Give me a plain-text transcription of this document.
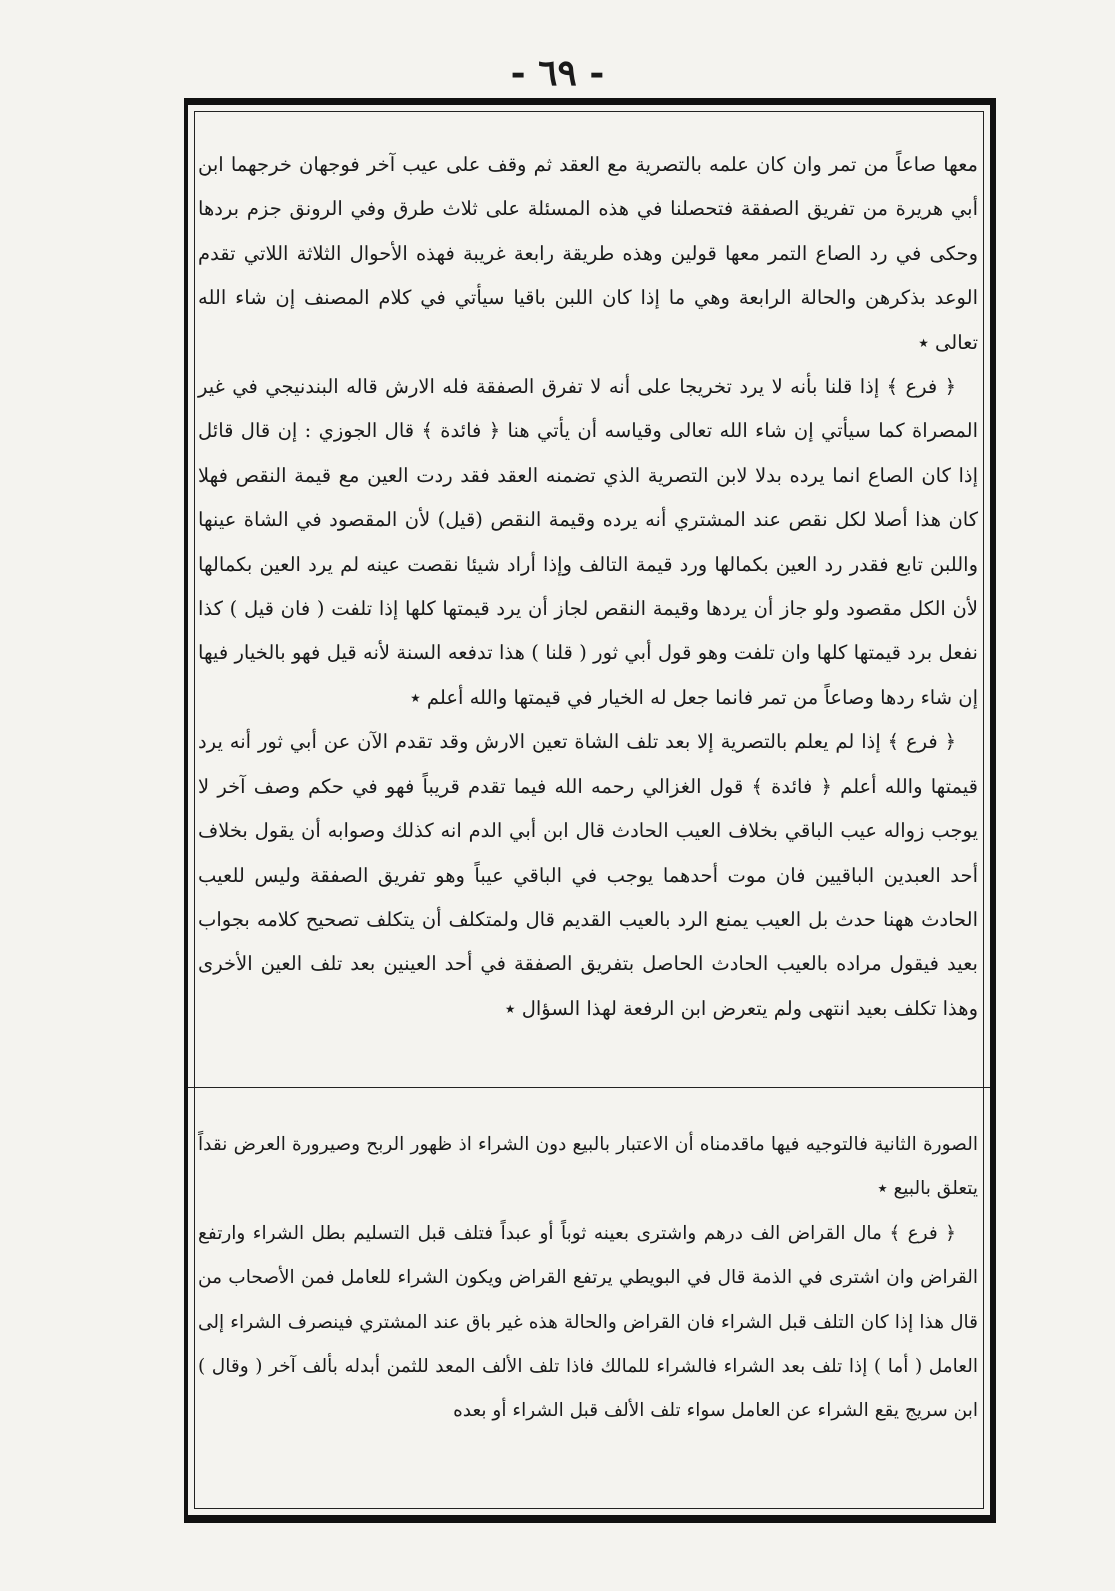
- ٦٩ -

معها صاعاً من تمر وان كان علمه بالتصرية مع العقد ثم وقف على عيب آخر فوجهان خرجهما ابن أبي هريرة من تفريق الصفقة فتحصلنا في هذه المسئلة على ثلاث طرق وفي الرونق جزم بردها وحكى في رد الصاع التمر معها قولين وهذه طريقة رابعة غريبة فهذه الأحوال الثلاثة اللاتي تقدم الوعد بذكرهن والحالة الرابعة وهي ما إذا كان اللبن باقيا سيأتي في كلام المصنف إن شاء الله تعالى ٭

﴿ فرع ﴾ إذا قلنا بأنه لا يرد تخريجا على أنه لا تفرق الصفقة فله الارش قاله البندنيجي في غير المصراة كما سيأتي إن شاء الله تعالى وقياسه أن يأتي هنا ﴿ فائدة ﴾ قال الجوزي : إن قال قائل إذا كان الصاع انما يرده بدلا لابن التصرية الذي تضمنه العقد فقد ردت العين مع قيمة النقص فهلا كان هذا أصلا لكل نقص عند المشتري أنه يرده وقيمة النقص (قيل) لأن المقصود في الشاة عينها واللبن تابع فقدر رد العين بكمالها ورد قيمة التالف وإذا أراد شيئا نقصت عينه لم يرد العين بكمالها لأن الكل مقصود ولو جاز أن يردها وقيمة النقص لجاز أن يرد قيمتها كلها إذا تلفت ( فان قيل ) كذا نفعل برد قيمتها كلها وان تلفت وهو قول أبي ثور ( قلنا ) هذا تدفعه السنة لأنه قيل فهو بالخيار فيها إن شاء ردها وصاعاً من تمر فانما جعل له الخيار في قيمتها والله أعلم ٭

﴿ فرع ﴾ إذا لم يعلم بالتصرية إلا بعد تلف الشاة تعين الارش وقد تقدم الآن عن أبي ثور أنه يرد قيمتها والله أعلم ﴿ فائدة ﴾ قول الغزالي رحمه الله فيما تقدم قريباً فهو في حكم وصف آخر لا يوجب زواله عيب الباقي بخلاف العيب الحادث قال ابن أبي الدم انه كذلك وصوابه أن يقول بخلاف أحد العبدين الباقيين فان موت أحدهما يوجب في الباقي عيباً وهو تفريق الصفقة وليس للعيب الحادث ههنا حدث بل العيب يمنع الرد بالعيب القديم قال ولمتكلف أن يتكلف تصحيح كلامه بجواب بعيد فيقول مراده بالعيب الحادث الحاصل بتفريق الصفقة في أحد العينين بعد تلف العين الأخرى وهذا تكلف بعيد انتهى ولم يتعرض ابن الرفعة لهذا السؤال ٭

الصورة الثانية فالتوجيه فيها ماقدمناه أن الاعتبار بالبيع دون الشراء اذ ظهور الربح وصيرورة العرض نقداً يتعلق بالبيع ٭

﴿ فرع ﴾ مال القراض الف درهم واشترى بعينه ثوباً أو عبداً فتلف قبل التسليم بطل الشراء وارتفع القراض وان اشترى في الذمة قال في البويطي يرتفع القراض ويكون الشراء للعامل فمن الأصحاب من قال هذا إذا كان التلف قبل الشراء فان القراض والحالة هذه غير باق عند المشتري فينصرف الشراء إلى العامل ( أما ) إذا تلف بعد الشراء فالشراء للمالك فاذا تلف الألف المعد للثمن أبدله بألف آخر ( وقال ) ابن سريج يقع الشراء عن العامل سواء تلف الألف قبل الشراء أو بعده
